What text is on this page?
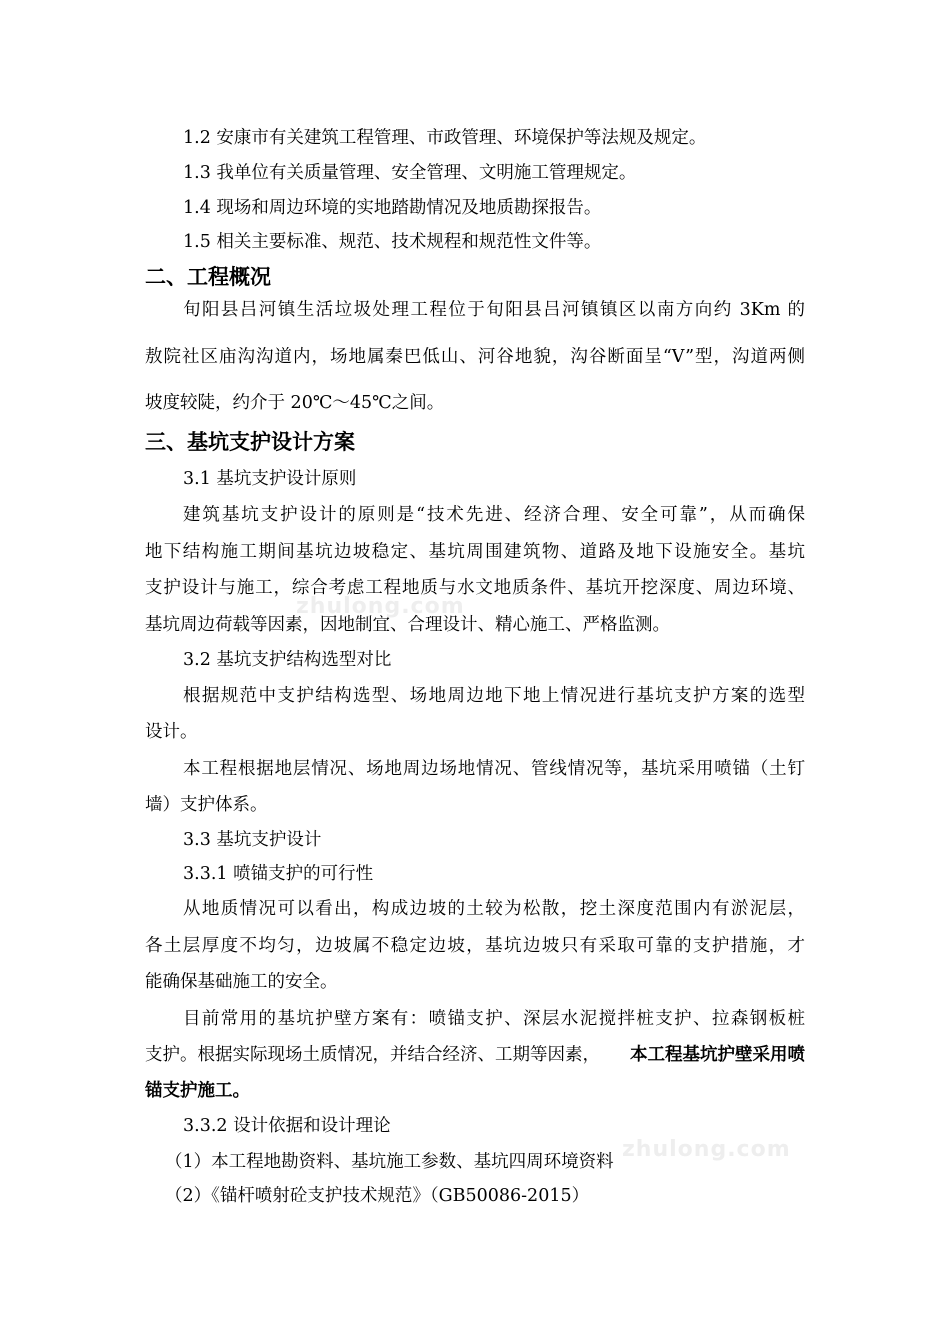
1.2 安康市有关建筑工程管理、市政管理、环境保护等法规及规定。
1.3 我单位有关质量管理、安全管理、文明施工管理规定。
1.4 现场和周边环境的实地踏勘情况及地质勘探报告。
1.5 相关主要标准、规范、技术规程和规范性文件等。
二、工程概况
旬阳县吕河镇生活垃圾处理工程位于旬阳县吕河镇镇区以南方向约 3Km 的
敖院社区庙沟沟道内，场地属秦巴低山、河谷地貌，沟谷断面呈“V”型，沟道两侧
坡度较陡，约介于 20℃～45℃之间。
三、基坑支护设计方案
3.1 基坑支护设计原则
建筑基坑支护设计的原则是“技术先进、经济合理、安全可靠”，从而确保
地下结构施工期间基坑边坡稳定、基坑周围建筑物、道路及地下设施安全。基坑
支护设计与施工，综合考虑工程地质与水文地质条件、基坑开挖深度、周边环境、
基坑周边荷载等因素，因地制宜、合理设计、精心施工、严格监测。
3.2 基坑支护结构选型对比
根据规范中支护结构选型、场地周边地下地上情况进行基坑支护方案的选型
设计。
本工程根据地层情况、场地周边场地情况、管线情况等，基坑采用喷锚（土钉
墙）支护体系。
3.3 基坑支护设计
3.3.1 喷锚支护的可行性
从地质情况可以看出，构成边坡的土较为松散，挖土深度范围内有淤泥层，
各土层厚度不均匀，边坡属不稳定边坡，基坑边坡只有采取可靠的支护措施，才
能确保基础施工的安全。
目前常用的基坑护壁方案有：喷锚支护、深层水泥搅拌桩支护、拉森钢板桩
支护。根据实际现场土质情况，并结合经济、工期等因素， 本工程基坑护壁采用喷
锚支护施工。
3.3.2 设计依据和设计理论
（1）本工程地勘资料、基坑施工参数、基坑四周环境资料
（2）《锚杆喷射砼支护技术规范》（GB50086-2015）
zhulong.com
zhulong.com
